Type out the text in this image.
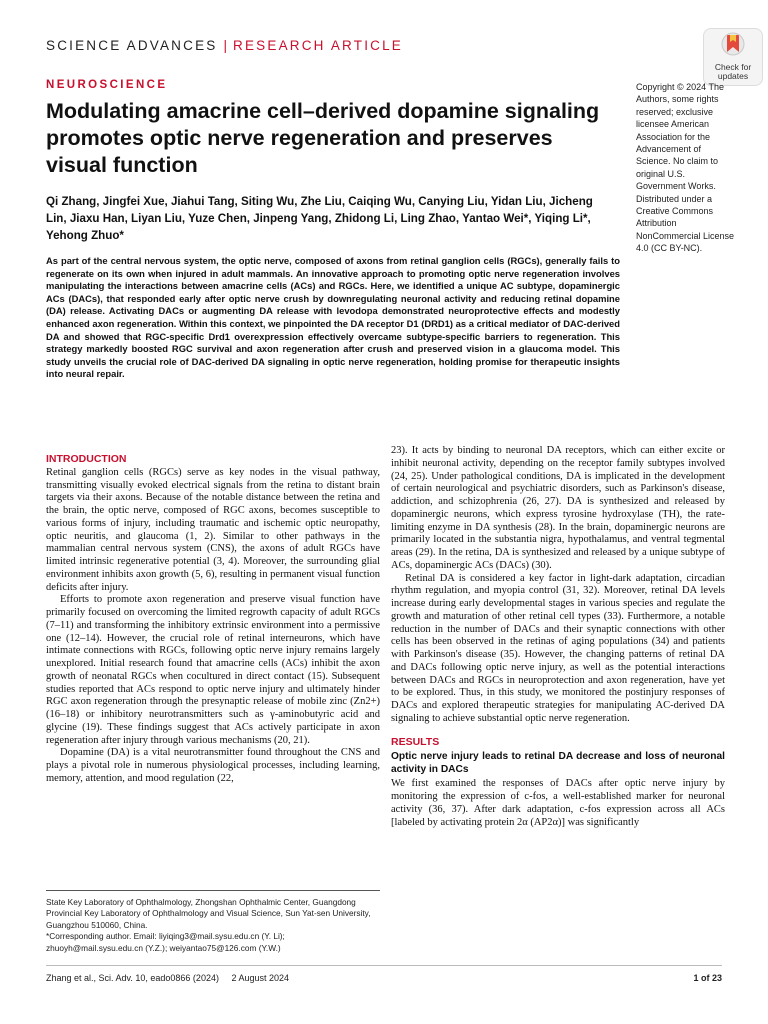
SCIENCE ADVANCES | RESEARCH ARTICLE
Check for
updates
NEUROSCIENCE
Modulating amacrine cell–derived dopamine signaling promotes optic nerve regeneration and preserves visual function
Copyright © 2024 The Authors, some rights reserved; exclusive licensee American Association for the Advancement of Science. No claim to original U.S. Government Works. Distributed under a Creative Commons Attribution NonCommercial License 4.0 (CC BY-NC).
Qi Zhang, Jingfei Xue, Jiahui Tang, Siting Wu, Zhe Liu, Caiqing Wu, Canying Liu, Yidan Liu, Jicheng Lin, Jiaxu Han, Liyan Liu, Yuze Chen, Jinpeng Yang, Zhidong Li, Ling Zhao, Yantao Wei*, Yiqing Li*, Yehong Zhuo*

As part of the central nervous system, the optic nerve, composed of axons from retinal ganglion cells (RGCs), generally fails to regenerate on its own when injured in adult mammals. An innovative approach to promoting optic nerve regeneration involves manipulating the interactions between amacrine cells (ACs) and RGCs. Here, we identified a unique AC subtype, dopaminergic ACs (DACs), that responded early after optic nerve crush by downregulating neuronal activity and reducing retinal dopamine (DA) release. Activating DACs or augmenting DA release with levodopa demonstrated neuroprotective effects and modestly enhanced axon regeneration. Within this context, we pinpointed the DA receptor D1 (DRD1) as a critical mediator of DAC-derived DA and showed that RGC-specific Drd1 overexpression effectively overcame subtype-specific barriers to regeneration. This strategy markedly boosted RGC survival and axon regeneration after crush and preserved vision in a glaucoma model. This study unveils the crucial role of DAC-derived DA signaling in optic nerve regeneration, holding promise for therapeutic insights into neural repair.

INTRODUCTION

Retinal ganglion cells (RGCs) serve as key nodes in the visual pathway, transmitting visually evoked electrical signals from the retina to distant brain targets via their axons. Because of the notable distance between the retina and the brain, the optic nerve, composed of RGC axons, becomes susceptible to various forms of injury, including traumatic and ischemic optic neuropathy, optic neuritis, and glaucoma (1, 2). Similar to other pathways in the mammalian central nervous system (CNS), the axons of adult RGCs have limited intrinsic regenerative potential (3, 4). Moreover, the surrounding glial environment inhibits axon growth (5, 6), resulting in permanent visual function deficits after injury.

Efforts to promote axon regeneration and preserve visual function have primarily focused on overcoming the limited regrowth capacity of adult RGCs (7–11) and transforming the inhibitory extrinsic environment into a permissive one (12–14). However, the crucial role of retinal interneurons, which have intimate connections with RGCs, following optic nerve injury remains largely unexplored. Initial research found that amacrine cells (ACs) inhibit the axon growth of neonatal RGCs when cocultured in direct contact (15). Subsequent studies reported that ACs respond to optic nerve injury and ultimately hinder RGC axon regeneration through the presynaptic release of mobile zinc (Zn2+) (16–18) or inhibitory neurotransmitters such as γ-aminobutyric acid and glycine (19). These findings suggest that ACs actively participate in axon regeneration after injury through various mechanisms (20, 21).

Dopamine (DA) is a vital neurotransmitter found throughout the CNS and plays a pivotal role in numerous physiological processes, including learning, memory, attention, and mood regulation (22,

23). It acts by binding to neuronal DA receptors, which can either excite or inhibit neuronal activity, depending on the receptor family subtypes involved (24, 25). Under pathological conditions, DA is implicated in the development of certain neurological and psychiatric disorders, such as Parkinson's disease, addiction, and schizophrenia (26, 27). DA is synthesized and released by dopaminergic neurons, which express tyrosine hydroxylase (TH), the rate-limiting enzyme in DA synthesis (28). In the brain, dopaminergic neurons are primarily located in the substantia nigra, hypothalamus, and ventral tegmental areas (29). In the retina, DA is synthesized and released by a unique subtype of ACs, dopaminergic ACs (DACs) (30).

Retinal DA is considered a key factor in light-dark adaptation, circadian rhythm regulation, and myopia control (31, 32). Moreover, retinal DA levels increase during early developmental stages in various species and regulate the growth and maturation of other retinal cell types (33). Furthermore, a notable reduction in the number of DACs and their synaptic connections with other cells has been observed in the retinas of aging populations (34) and patients with Parkinson's disease (35). However, the changing patterns of retinal DA and DACs following optic nerve injury, as well as the potential interactions between DACs and RGCs in neuroprotection and axon regeneration, have yet to be explored. Thus, in this study, we monitored the postinjury responses of DACs and explored therapeutic strategies for manipulating AC-derived DA signaling to achieve substantial optic nerve regeneration.

RESULTS
Optic nerve injury leads to retinal DA decrease and loss of neuronal activity in DACs

We first examined the responses of DACs after optic nerve injury by monitoring the expression of c-fos, a well-established marker for neuronal activity (36, 37). After dark adaptation, c-fos expression across all ACs [labeled by activating protein 2α (AP2α)] was significantly

State Key Laboratory of Ophthalmology, Zhongshan Ophthalmic Center, Guangdong Provincial Key Laboratory of Ophthalmology and Visual Science, Sun Yat-sen University, Guangzhou 510060, China.

*Corresponding author. Email: liyiqing3@mail.sysu.edu.cn (Y. Li); zhuoyh@mail.sysu.edu.cn (Y.Z.); weiyantao75@126.com (Y.W.)

Zhang et al., Sci. Adv. 10, eado0866 (2024)     2 August 2024	1 of 23
